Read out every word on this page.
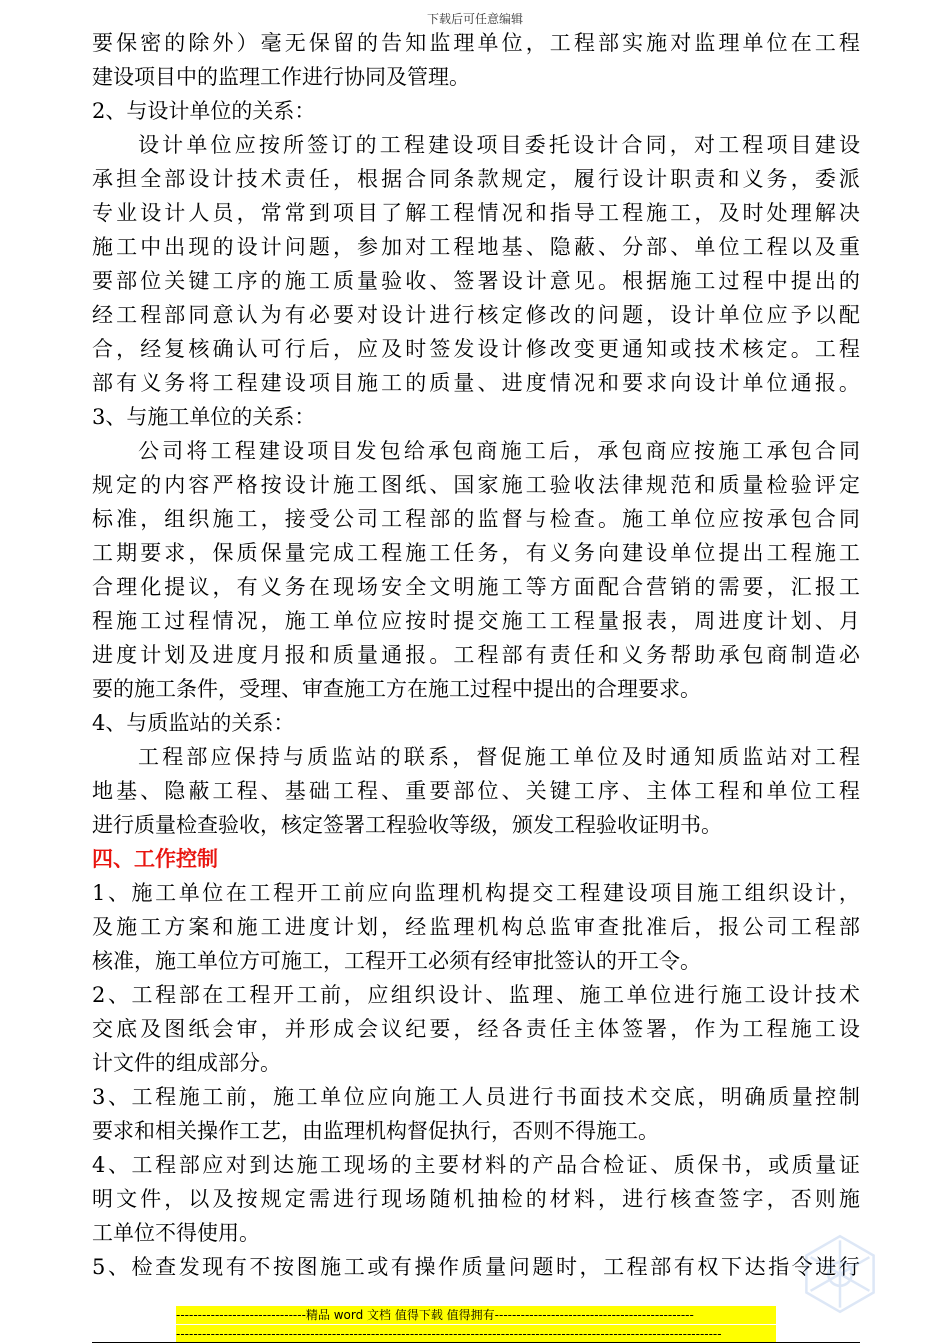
下载后可任意编辑
要 保 密 的 除 外 ） 毫 无 保 留 的 告 知 监 理 单 位 ， 工 程 部 实 施 对 监 理 单 位 在 工 程
建设项目中的监理工作进行协同及管理。
2、与设计单位的关系：
设 计 单 位 应 按 所 签 订 的 工 程 建 设 项 目 委 托 设 计 合 同 ， 对 工 程 项 目 建 设
承 担 全 部 设 计 技 术 责 任 ， 根 据 合 同 条 款 规 定 ， 履 行 设 计 职 责 和 义 务 ， 委 派
专 业 设 计 人 员 ， 常 常 到 项 目 了 解 工 程 情 况 和 指 导 工 程 施 工 ， 及 时 处 理 解 决
施 工 中 出 现 的 设 计 问 题 ， 参 加 对 工 程 地 基 、 隐 蔽 、 分 部 、 单 位 工 程 以 及 重
要 部 位 关 键 工 序 的 施 工 质 量 验 收 、 签 署 设 计 意 见 。 根 据 施 工 过 程 中 提 出 的
经 工 程 部 同 意 认 为 有 必 要 对 设 计 进 行 核 定 修 改 的 问 题 ， 设 计 单 位 应 予 以 配
合 ， 经 复 核 确 认 可 行 后 ， 应 及 时 签 发 设 计 修 改 变 更 通 知 或 技 术 核 定 。 工 程
部 有 义 务 将 工 程 建 设 项 目 施 工 的 质 量 、 进 度 情 况 和 要 求 向 设 计 单 位 通 报 。
3、与施工单位的关系：
公 司 将 工 程 建 设 项 目 发 包 给 承 包 商 施 工 后 ， 承 包 商 应 按 施 工 承 包 合 同
规 定 的 内 容 严 格 按 设 计 施 工 图 纸 、 国 家 施 工 验 收 法 律 规 范 和 质 量 检 验 评 定
标 准 ， 组 织 施 工 ， 接 受 公 司 工 程 部 的 监 督 与 检 查 。 施 工 单 位 应 按 承 包 合 同
工 期 要 求 ， 保 质 保 量 完 成 工 程 施 工 任 务 ， 有 义 务 向 建 设 单 位 提 出 工 程 施 工
合 理 化 提 议 ， 有 义 务 在 现 场 安 全 文 明 施 工 等 方 面 配 合 营 销 的 需 要 ， 汇 报 工
程 施 工 过 程 情 况 ， 施 工 单 位 应 按 时 提 交 施 工 工 程 量 报 表 ， 周 进 度 计 划 、 月
进 度 计 划 及 进 度 月 报 和 质 量 通 报 。 工 程 部 有 责 任 和 义 务 帮 助 承 包 商 制 造 必
要的施工条件，受理、审查施工方在施工过程中提出的合理要求。
4、与质监站的关系：
工 程 部 应 保 持 与 质 监 站 的 联 系 ， 督 促 施 工 单 位 及 时 通 知 质 监 站 对 工 程
地 基 、 隐 蔽 工 程 、 基 础 工 程 、 重 要 部 位 、 关 键 工 序 、 主 体 工 程 和 单 位 工 程
进行质量检查验收，核定签署工程验收等级，颁发工程验收证明书。
四、工作控制
1 、 施 工 单 位 在 工 程 开 工 前 应 向 监 理 机 构 提 交 工 程 建 设 项 目 施 工 组 织 设 计 ，
及 施 工 方 案 和 施 工 进 度 计 划 ， 经 监 理 机 构 总 监 审 查 批 准 后 ， 报 公 司 工 程 部
核准，施工单位方可施工，工程开工必须有经审批签认的开工令。
2 、 工 程 部 在 工 程 开 工 前 ， 应 组 织 设 计 、 监 理 、 施 工 单 位 进 行 施 工 设 计 技 术
交 底 及 图 纸 会 审 ， 并 形 成 会 议 纪 要 ， 经 各 责 任 主 体 签 署 ， 作 为 工 程 施 工 设
计文件的组成部分。
3 、 工 程 施 工 前 ， 施 工 单 位 应 向 施 工 人 员 进 行 书 面 技 术 交 底 ， 明 确 质 量 控 制
要求和相关操作工艺，由监理机构督促执行，否则不得施工。
4 、 工 程 部 应 对 到 达 施 工 现 场 的 主 要 材 料 的 产 品 合 检 证 、 质 保 书 ， 或 质 量 证
明 文 件 ， 以 及 按 规 定 需 进 行 现 场 随 机 抽 检 的 材 料 ， 进 行 核 查 签 字 ， 否 则 施
工单位不得使用。
5 、 检 查 发 现 有 不 按 图 施 工 或 有 操 作 质 量 问 题 时 ， 工 程 部 有 权 下 达 指 令 进 行
------------------------------精品 word 文档 值得下载 值得拥有----------------------------------------------
------------------------------------------------------------------------------------------------------------------------------
